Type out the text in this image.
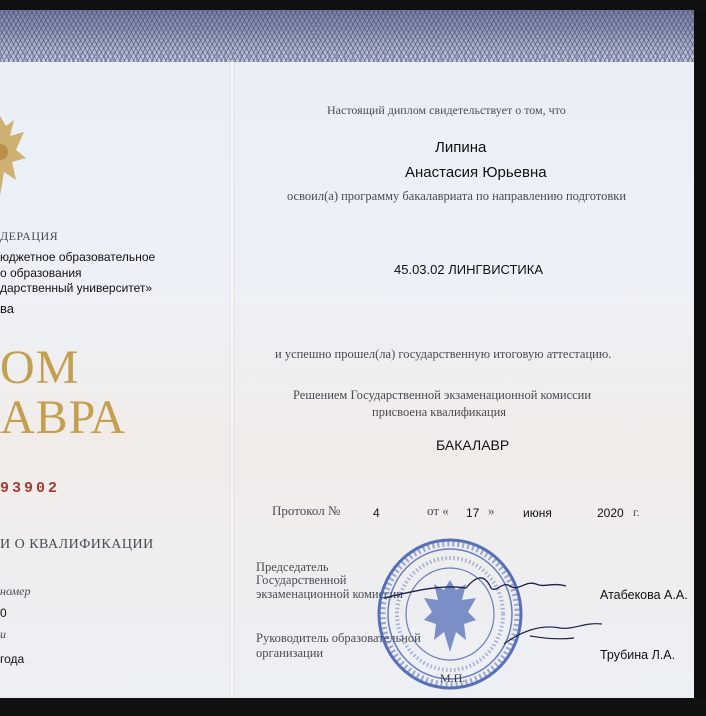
ДЕРАЦИЯ
юджетное образовательное
о образования
дарственный университет»
ва
ОМ
АВРА
93902
И О КВАЛИФИКАЦИИ
номер
0
и
года
Настоящий диплом свидетельствует о том, что
Липина
Анастасия Юрьевна
освоил(а) программу бакалавриата по направлению подготовки
45.03.02 ЛИНГВИСТИКА
и успешно прошел(ла) государственную итоговую аттестацию.
Решением Государственной экзаменационной комиссии
присвоена квалификация
БАКАЛАВР
Протокол №	4	от « 17 » июня	2020 г.
Председатель
Государственной
экзаменационной комиссии	Атабекова А.А.
Руководитель образовательной
организации	Трубина Л.А.
М.П.
